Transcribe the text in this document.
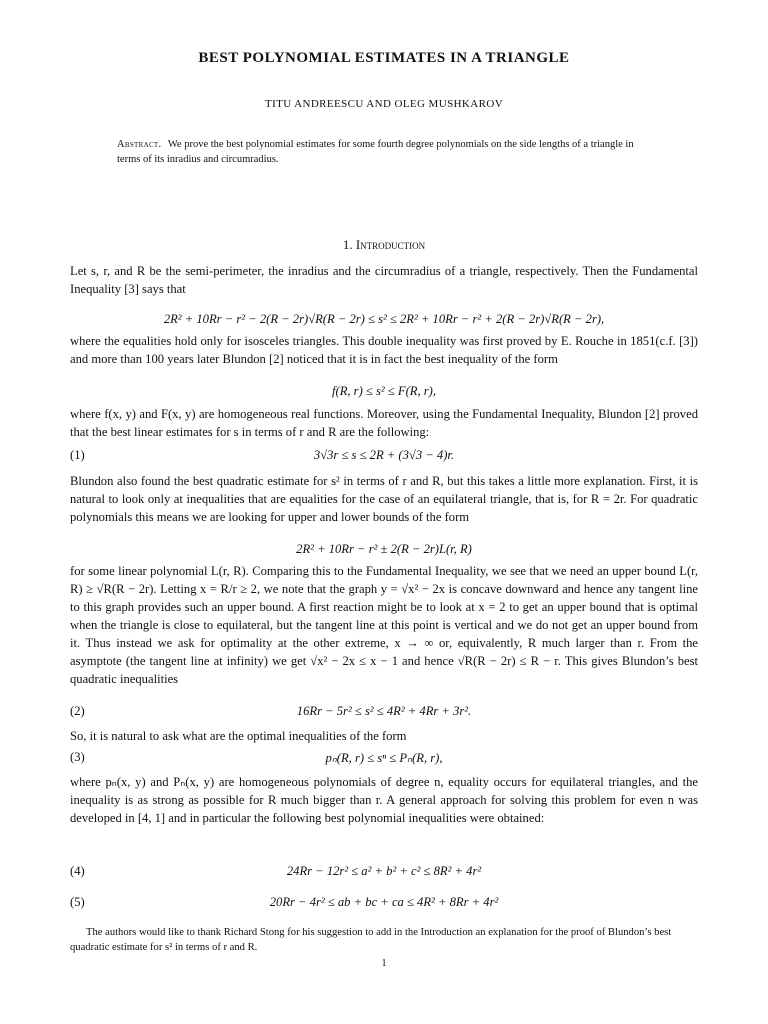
BEST POLYNOMIAL ESTIMATES IN A TRIANGLE
TITU ANDREESCU AND OLEG MUSHKAROV
Abstract. We prove the best polynomial estimates for some fourth degree polynomials on the side lengths of a triangle in terms of its inradius and circumradius.
1. Introduction
Let s, r, and R be the semi-perimeter, the inradius and the circumradius of a triangle, respectively. Then the Fundamental Inequality [3] says that
2R² + 10Rr − r² − 2(R − 2r)√R(R − 2r) ≤ s² ≤ 2R² + 10Rr − r² + 2(R − 2r)√R(R − 2r),
where the equalities hold only for isosceles triangles. This double inequality was first proved by E. Rouche in 1851(c.f. [3]) and more than 100 years later Blundon [2] noticed that it is in fact the best inequality of the form
f(R, r) ≤ s² ≤ F(R, r),
where f(x, y) and F(x, y) are homogeneous real functions. Moreover, using the Fundamental Inequality, Blundon [2] proved that the best linear estimates for s in terms of r and R are the following:
(1)	3√3r ≤ s ≤ 2R + (3√3 − 4)r.
Blundon also found the best quadratic estimate for s² in terms of r and R, but this takes a little more explanation. First, it is natural to look only at inequalities that are equalities for the case of an equilateral triangle, that is, for R = 2r. For quadratic polynomials this means we are looking for upper and lower bounds of the form
2R² + 10Rr − r² ± 2(R − 2r)L(r, R)
for some linear polynomial L(r, R). Comparing this to the Fundamental Inequality, we see that we need an upper bound L(r, R) ≥ √R(R − 2r). Letting x = R/r ≥ 2, we note that the graph y = √x² − 2x is concave downward and hence any tangent line to this graph provides such an upper bound. A first reaction might be to look at x = 2 to get an upper bound that is optimal when the triangle is close to equilateral, but the tangent line at this point is vertical and we do not get an upper bound from it. Thus instead we ask for optimality at the other extreme, x → ∞ or, equivalently, R much larger than r. From the asymptote (the tangent line at infinity) we get √x² − 2x ≤ x − 1 and hence √R(R − 2r) ≤ R − r. This gives Blundon’s best quadratic inequalities
(2)	16Rr − 5r² ≤ s² ≤ 4R² + 4Rr + 3r².
So, it is natural to ask what are the optimal inequalities of the form
(3)	pₙ(R, r) ≤ sⁿ ≤ Pₙ(R, r),
where pₙ(x, y) and Pₙ(x, y) are homogeneous polynomials of degree n, equality occurs for equilateral triangles, and the inequality is as strong as possible for R much bigger than r. A general approach for solving this problem for even n was developed in [4, 1] and in particular the following best polynomial inequalities were obtained:
(4)	24Rr − 12r² ≤ a² + b² + c² ≤ 8R² + 4r²
(5)	20Rr − 4r² ≤ ab + bc + ca ≤ 4R² + 8Rr + 4r²
The authors would like to thank Richard Stong for his suggestion to add in the Introduction an explanation for the proof of Blundon’s best quadratic estimate for s² in terms of r and R.
1
